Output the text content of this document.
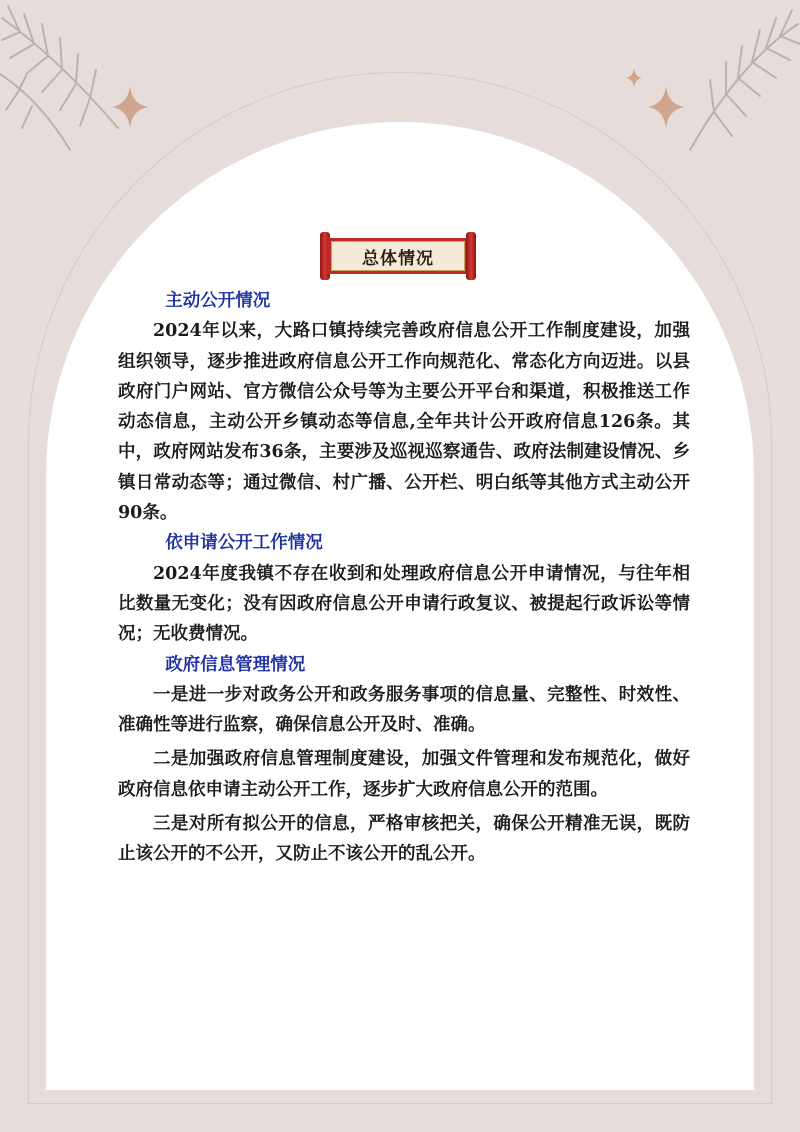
总体情况
主动公开情况

2024年以来，大路口镇持续完善政府信息公开工作制度建设，加强组织领导，逐步推进政府信息公开工作向规范化、常态化方向迈进。以县政府门户网站、官方微信公众号等为主要公开平台和渠道，积极推送工作动态信息，主动公开乡镇动态等信息,全年共计公开政府信息126条。其中，政府网站发布36条，主要涉及巡视巡察通告、政府法制建设情况、乡镇日常动态等；通过微信、村广播、公开栏、明白纸等其他方式主动公开90条。

依申请公开工作情况

2024年度我镇不存在收到和处理政府信息公开申请情况，与往年相比数量无变化；没有因政府信息公开申请行政复议、被提起行政诉讼等情况；无收费情况。

政府信息管理情况

一是进一步对政务公开和政务服务事项的信息量、完整性、时效性、准确性等进行监察，确保信息公开及时、准确。

二是加强政府信息管理制度建设，加强文件管理和发布规范化，做好政府信息依申请主动公开工作，逐步扩大政府信息公开的范围。

三是对所有拟公开的信息，严格审核把关，确保公开精准无误，既防止该公开的不公开，又防止不该公开的乱公开。
